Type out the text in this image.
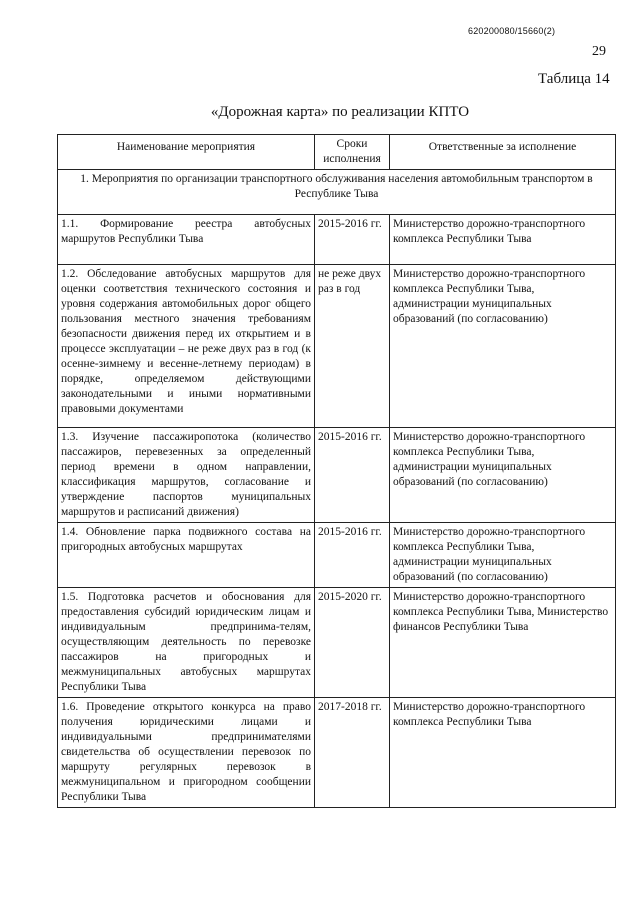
620200080/15660(2)
29
Таблица 14
«Дорожная карта» по реализации КПТО
Наименование мероприятия	Сроки исполнения	Ответственные за исполнение
1. Мероприятия по организации транспортного обслуживания населения автомобильным транспортом в Республике Тыва		
1.1. Формирование реестра автобусных маршрутов Республики Тыва	2015-2016 гг.	Министерство дорожно-транспортного комплекса Республики Тыва
1.2. Обследование автобусных маршрутов для оценки соответствия технического состояния и уровня содержания автомобильных дорог общего пользования местного значения требованиям безопасности движения перед их открытием и в процессе эксплуатации – не реже двух раз в год (к осенне-зимнему и весенне-летнему периодам) в порядке, определяемом действующими законодательными и иными нормативными правовыми документами	не реже двух раз в год	Министерство дорожно-транспортного комплекса Республики Тыва, администрации муниципальных образований (по согласованию)
1.3. Изучение пассажиропотока (количество пассажиров, перевезенных за определенный период времени в одном направлении, классификация маршрутов, согласование и утверждение паспортов муниципальных маршрутов и расписаний движения)	2015-2016 гг.	Министерство дорожно-транспортного комплекса Республики Тыва, администрации муниципальных образований (по согласованию)
1.4. Обновление парка подвижного состава на пригородных автобусных маршрутах	2015-2016 гг.	Министерство дорожно-транспортного комплекса Республики Тыва, администрации муниципальных образований (по согласованию)
1.5. Подготовка расчетов и обоснования для предоставления субсидий юридическим лицам и индивидуальным предпринима-телям, осуществляющим деятельность по перевозке пассажиров на пригородных и межмуниципальных автобусных маршрутах Республики Тыва	2015-2020 гг.	Министерство дорожно-транспортного комплекса Республики Тыва, Министерство финансов Республики Тыва
1.6. Проведение открытого конкурса на право получения юридическими лицами и индивидуальными предпринимателями свидетельства об осуществлении перевозок по маршруту регулярных перевозок в межмуниципальном и пригородном сообщении Республики Тыва	2017-2018 гг.	Министерство дорожно-транспортного комплекса Республики Тыва
